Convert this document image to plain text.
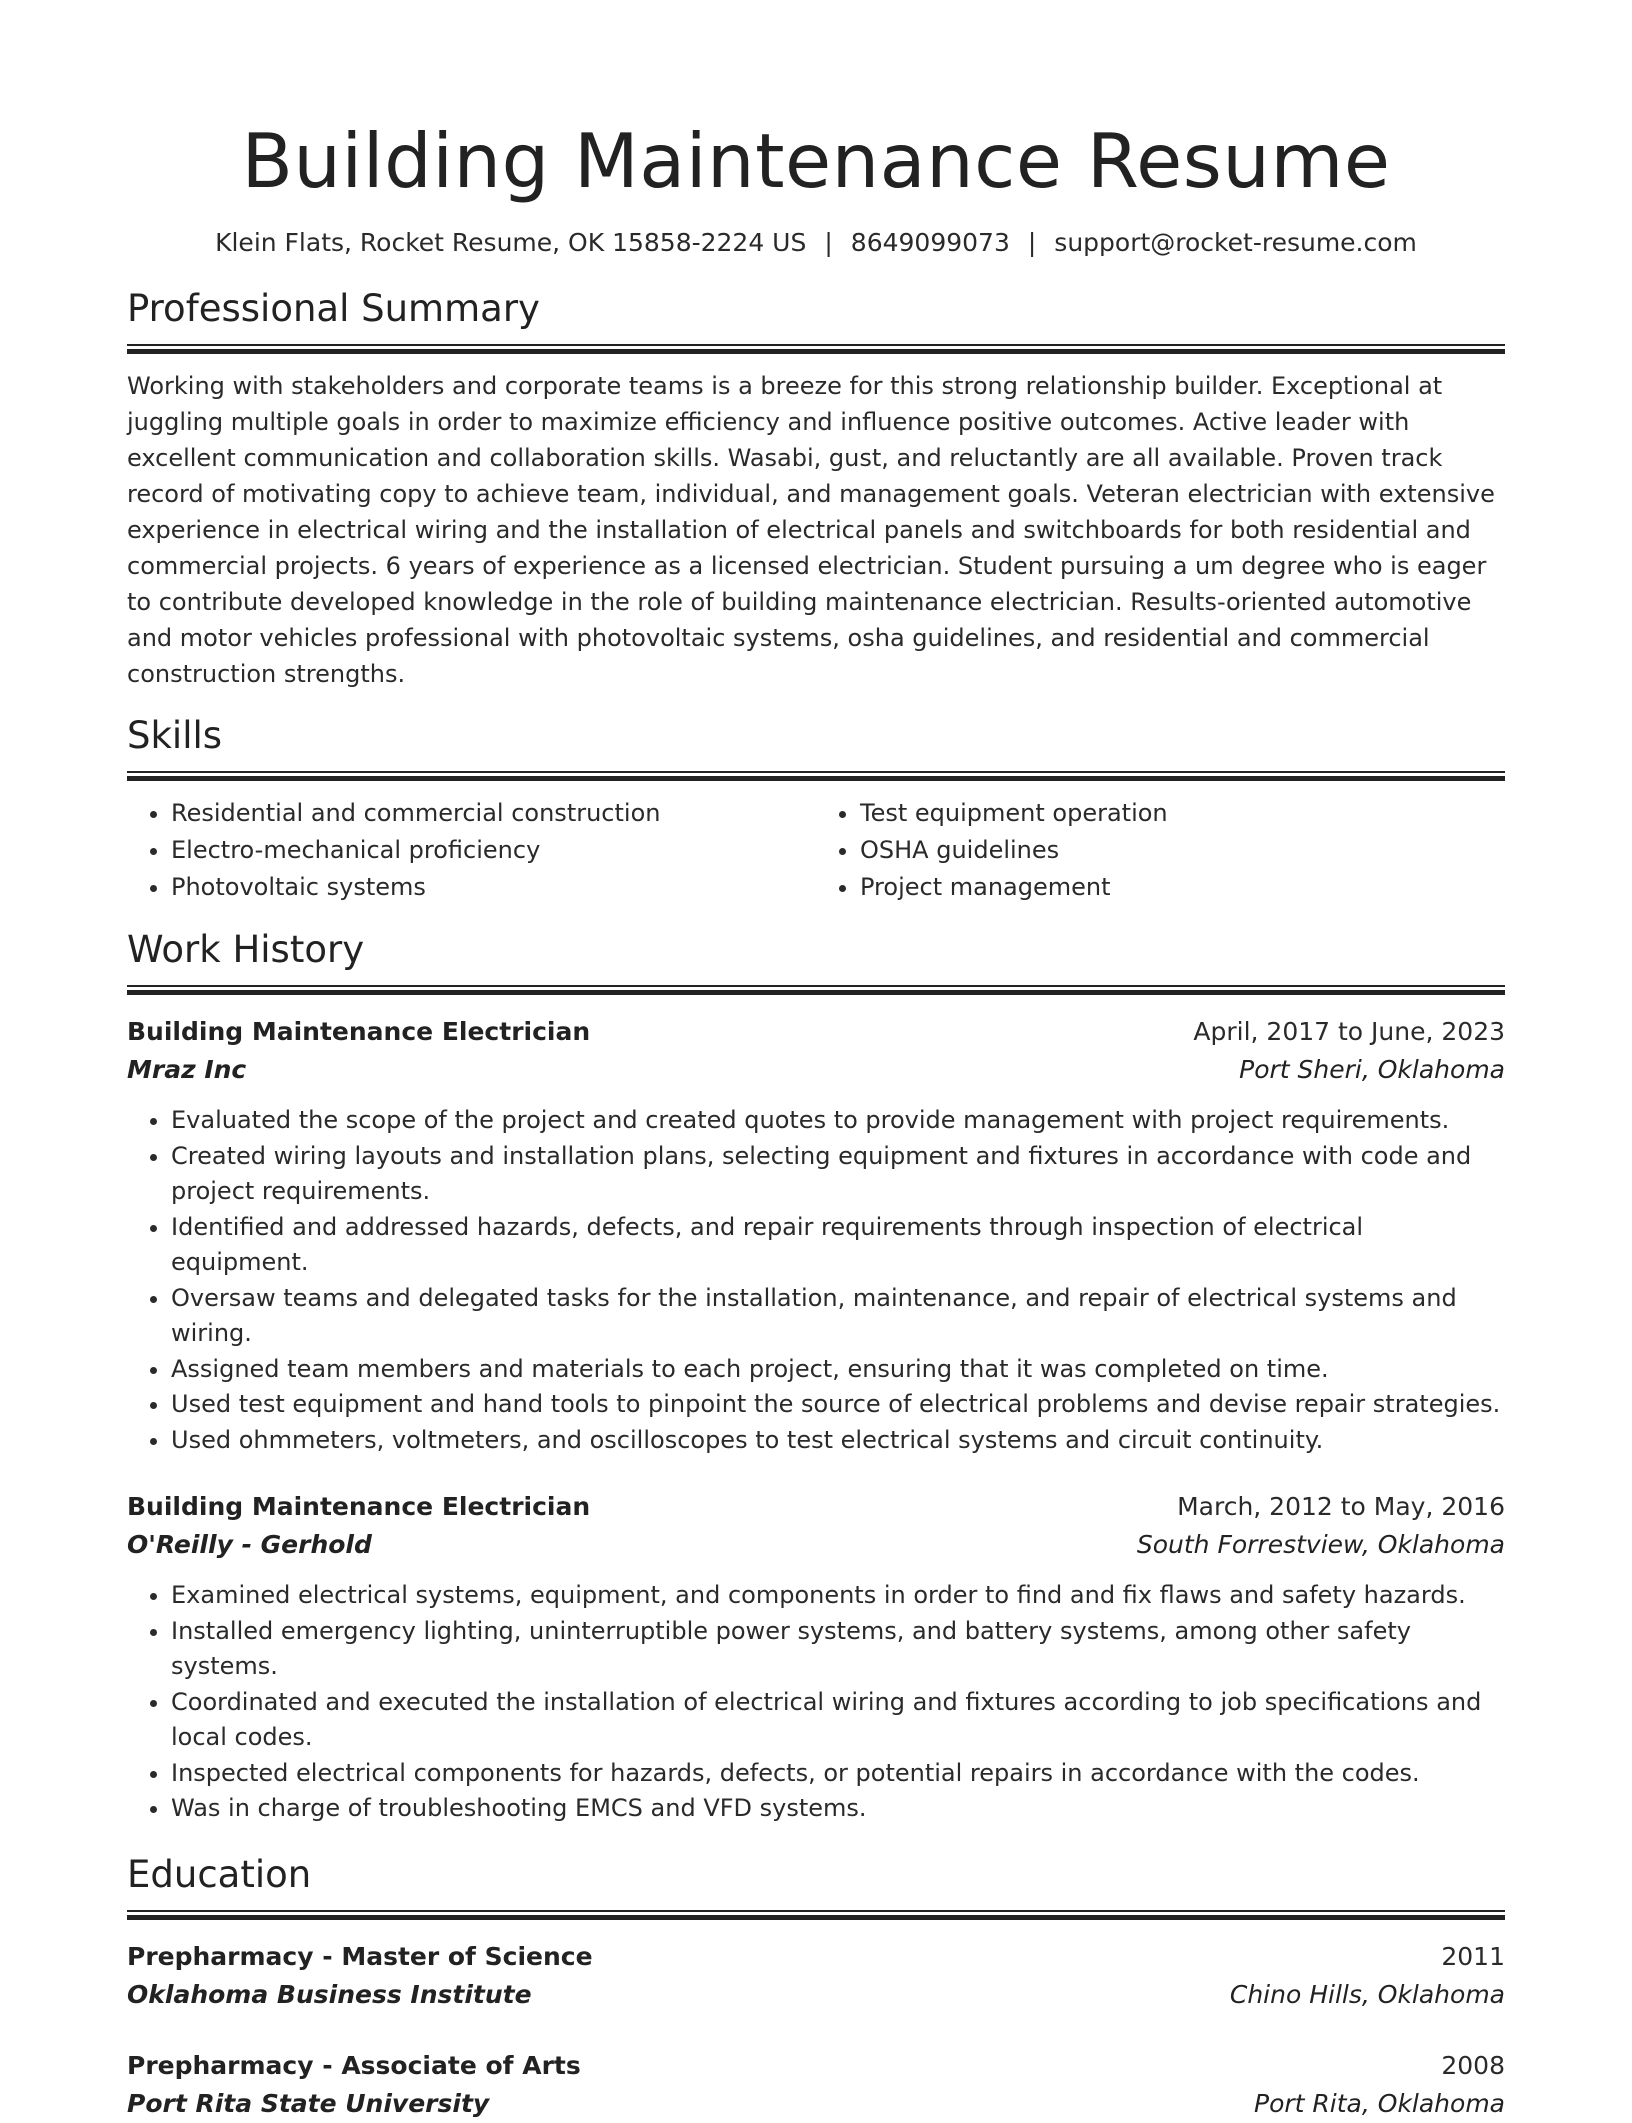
Building Maintenance Resume
Klein Flats, Rocket Resume, OK 15858-2224 US | 8649099073 | support@rocket-resume.com
Professional Summary

Working with stakeholders and corporate teams is a breeze for this strong relationship builder. Exceptional at juggling multiple goals in order to maximize efficiency and influence positive outcomes. Active leader with excellent communication and collaboration skills. Wasabi, gust, and reluctantly are all available. Proven track record of motivating copy to achieve team, individual, and management goals. Veteran electrician with extensive experience in electrical wiring and the installation of electrical panels and switchboards for both residential and commercial projects. 6 years of experience as a licensed electrician. Student pursuing a um degree who is eager to contribute developed knowledge in the role of building maintenance electrician. Results-oriented automotive and motor vehicles professional with photovoltaic systems, osha guidelines, and residential and commercial construction strengths.

Skills
• Residential and commercial construction
• Electro-mechanical proficiency
• Photovoltaic systems
• Test equipment operation
• OSHA guidelines
• Project management
Work History
Building Maintenance Electrician	April, 2017 to June, 2023
Mraz Inc	Port Sheri, Oklahoma
• Evaluated the scope of the project and created quotes to provide management with project requirements.
• Created wiring layouts and installation plans, selecting equipment and fixtures in accordance with code and project requirements.
• Identified and addressed hazards, defects, and repair requirements through inspection of electrical equipment.
• Oversaw teams and delegated tasks for the installation, maintenance, and repair of electrical systems and wiring.
• Assigned team members and materials to each project, ensuring that it was completed on time.
• Used test equipment and hand tools to pinpoint the source of electrical problems and devise repair strategies.
• Used ohmmeters, voltmeters, and oscilloscopes to test electrical systems and circuit continuity.
Building Maintenance Electrician	March, 2012 to May, 2016
O'Reilly - Gerhold	South Forrestview, Oklahoma
• Examined electrical systems, equipment, and components in order to find and fix flaws and safety hazards.
• Installed emergency lighting, uninterruptible power systems, and battery systems, among other safety systems.
• Coordinated and executed the installation of electrical wiring and fixtures according to job specifications and local codes.
• Inspected electrical components for hazards, defects, or potential repairs in accordance with the codes.
• Was in charge of troubleshooting EMCS and VFD systems.
Education
Prepharmacy - Master of Science	2011
Oklahoma Business Institute	Chino Hills, Oklahoma
Prepharmacy - Associate of Arts	2008
Port Rita State University	Port Rita, Oklahoma
